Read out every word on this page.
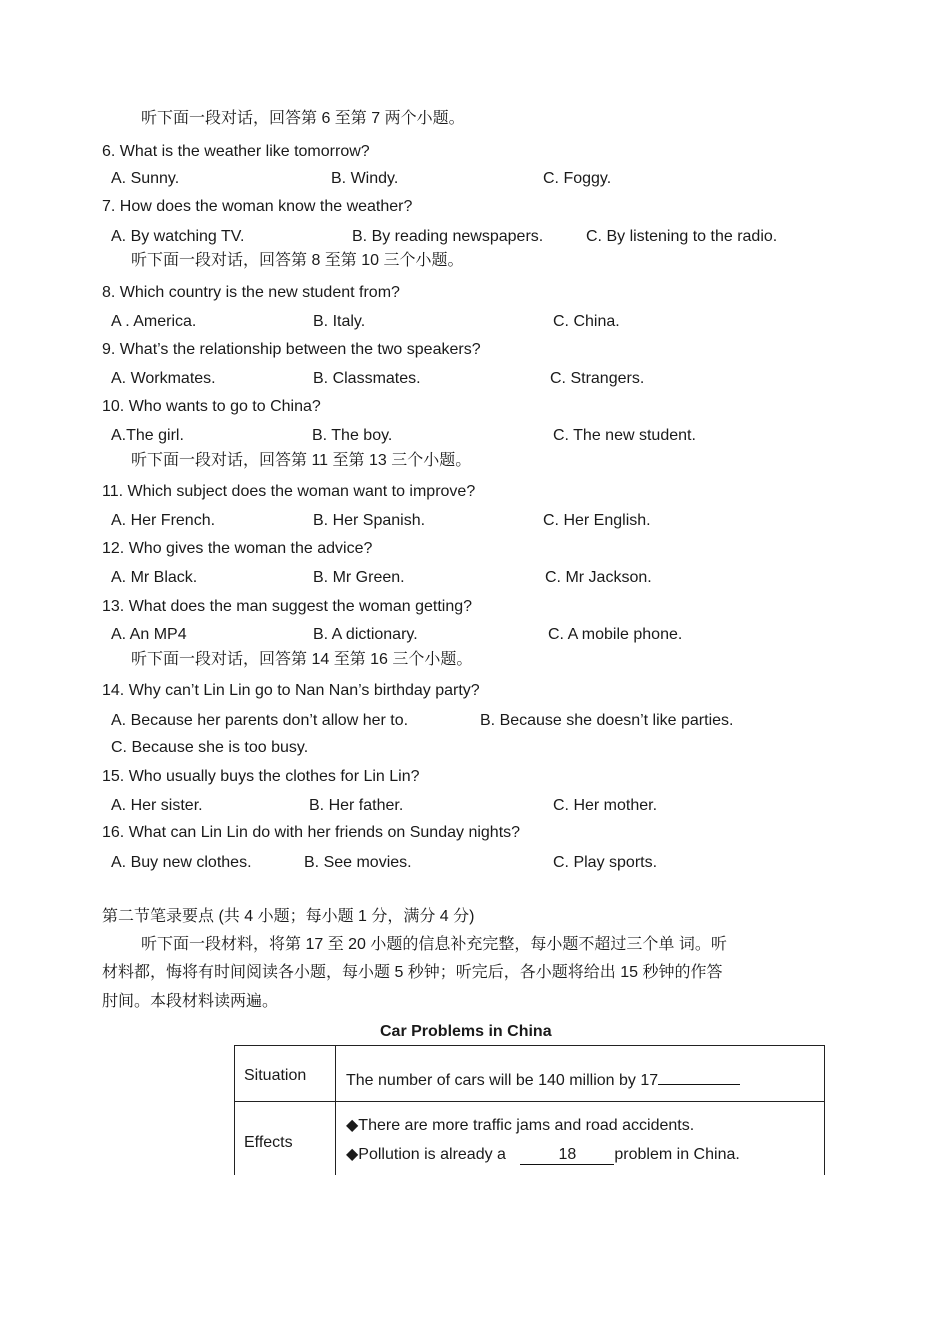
听下面一段对话，回答第 6 至第 7 两个小题。
6. What is the weather like tomorrow?
A. Sunny.	B. Windy.	C. Foggy.
7. How does the woman know the weather?
A. By watching TV.	B. By reading newspapers.	C. By listening to the radio.
听下面一段对话，回答第 8 至第 10 三个小题。
8. Which country is the new student from?
A . America.	B. Italy.	C. China.
9. What’s the relationship between the two speakers?
A. Workmates.	B. Classmates.	C. Strangers.
10. Who wants to go to China?
A.The girl.	B. The boy.	C. The new student.
听下面一段对话，回答第 11 至第 13 三个小题。
11. Which subject does the woman want to improve?
A. Her French.	B. Her Spanish.	C. Her English.
12. Who gives the woman the advice?
A. Mr Black.	B. Mr Green.	C. Mr Jackson.
13. What does the man suggest the woman getting?
A. An MP4	B. A dictionary.	C. A mobile phone.
听下面一段对话，回答第 14 至第 16 三个小题。
14. Why can’t Lin Lin go to Nan Nan’s birthday party?
A. Because her parents don’t allow her to.	B. Because she doesn’t like parties.
C. Because she is too busy.
15. Who usually buys the clothes for Lin Lin?
A. Her sister.	B. Her father.	C. Her mother.
16. What can Lin Lin do with her friends on Sunday nights?
A. Buy new clothes.	B. See movies.	C. Play sports.
第二节笔录要点 (共 4 小题；每小题 1 分，满分 4 分)
听下面一段材料，将第 17 至 20 小题的信息补充完整，每小题不超过三个单 词。听
材料都，悔将有时间阅读各小题，每小题 5 秒钟；听完后，各小题将给出 15 秒钟的作答
肘间。本段材料读两遍。
Car Problems in China
Situation The number of cars will be 140 million by 17
Effects
◆There are more traffic jams and road accidents.
◆Pollution is already a	18 problem in China.
